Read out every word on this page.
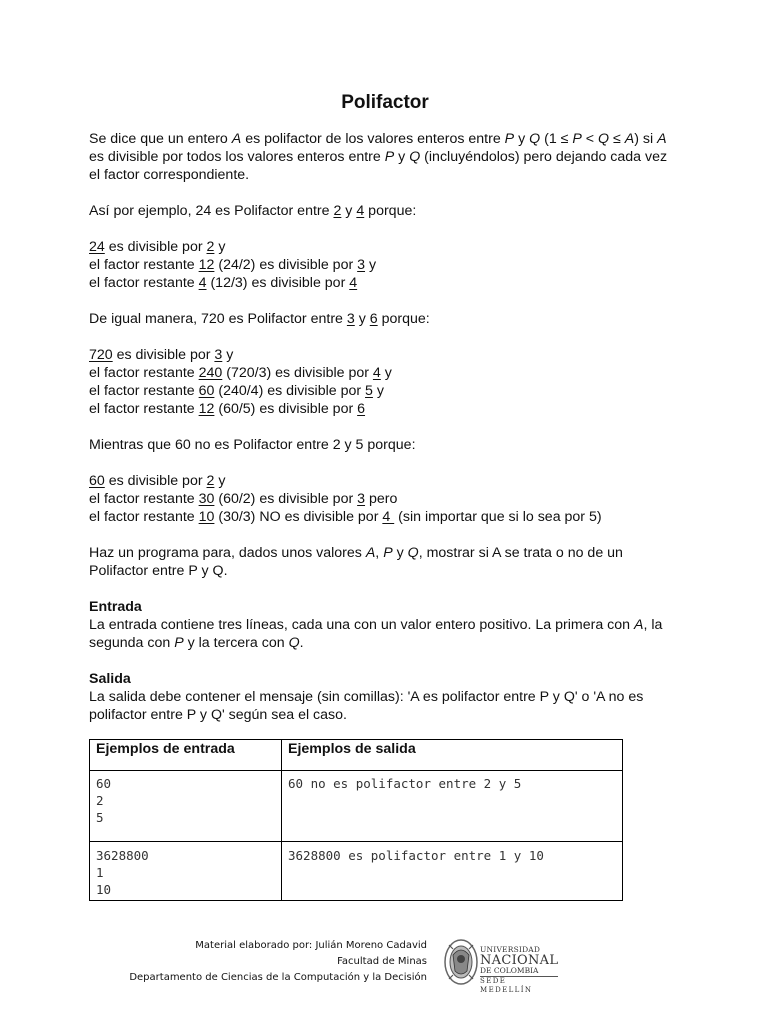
Polifactor

Se dice que un entero A es polifactor de los valores enteros entre P y Q (1 ≤ P < Q ≤ A) si A es divisible por todos los valores enteros entre P y Q (incluyéndolos) pero dejando cada vez el factor correspondiente.

Así por ejemplo, 24 es Polifactor entre 2 y 4 porque:

24 es divisible por 2 y
el factor restante 12 (24/2) es divisible por 3 y
el factor restante 4 (12/3) es divisible por 4

De igual manera, 720 es Polifactor entre 3 y 6 porque:

720 es divisible por 3 y
el factor restante 240 (720/3) es divisible por 4 y
el factor restante 60 (240/4) es divisible por 5 y
el factor restante 12 (60/5) es divisible por 6

Mientras que 60 no es Polifactor entre 2 y 5 porque:

60 es divisible por 2 y
el factor restante 30 (60/2) es divisible por 3 pero
el factor restante 10 (30/3) NO es divisible por 4  (sin importar que si lo sea por 5)

Haz un programa para, dados unos valores A, P y Q, mostrar si A se trata o no de un Polifactor entre P y Q.

Entrada

La entrada contiene tres líneas, cada una con un valor entero positivo. La primera con A, la segunda con P y la tercera con Q.

Salida

La salida debe contener el mensaje (sin comillas): 'A es polifactor entre P y Q' o 'A no es polifactor entre P y Q' según sea el caso.

Ejemplos de entrada	Ejemplos de salida

60
2
5	60 no es polifactor entre 2 y 5

3628800
1
10	3628800 es polifactor entre 1 y 10
Material elaborado por: Julián Moreno Cadavid
Facultad de Minas
Departamento de Ciencias de la Computación y la Decisión
UNIVERSIDAD
NACIONAL
DE COLOMBIA
SEDE MEDELLÍN
